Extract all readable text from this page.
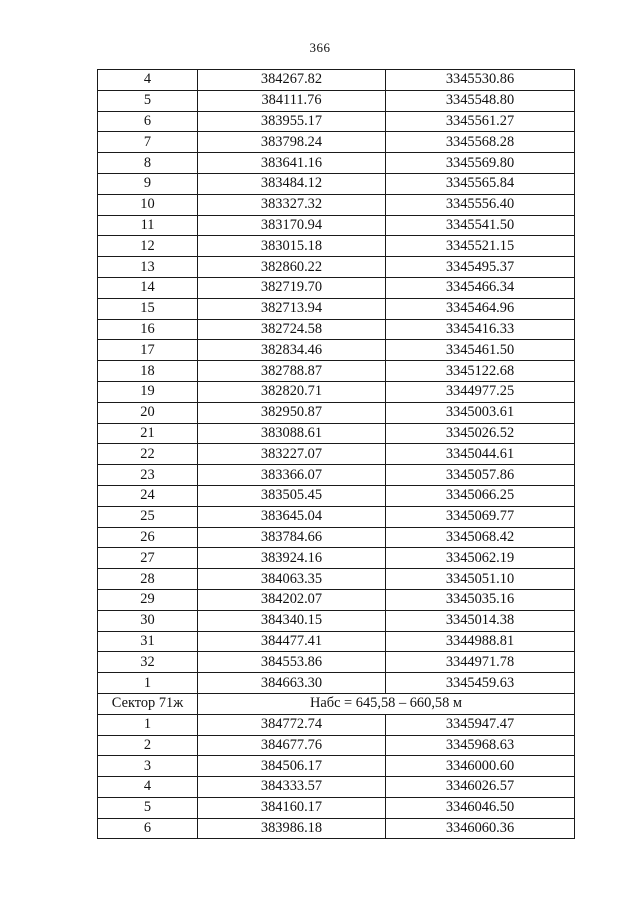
366
4	384267.82	3345530.86
5	384111.76	3345548.80
6	383955.17	3345561.27
7	383798.24	3345568.28
8	383641.16	3345569.80
9	383484.12	3345565.84
10	383327.32	3345556.40
11	383170.94	3345541.50
12	383015.18	3345521.15
13	382860.22	3345495.37
14	382719.70	3345466.34
15	382713.94	3345464.96
16	382724.58	3345416.33
17	382834.46	3345461.50
18	382788.87	3345122.68
19	382820.71	3344977.25
20	382950.87	3345003.61
21	383088.61	3345026.52
22	383227.07	3345044.61
23	383366.07	3345057.86
24	383505.45	3345066.25
25	383645.04	3345069.77
26	383784.66	3345068.42
27	383924.16	3345062.19
28	384063.35	3345051.10
29	384202.07	3345035.16
30	384340.15	3345014.38
31	384477.41	3344988.81
32	384553.86	3344971.78
1	384663.30	3345459.63
Сектор 71ж	Набс = 645,58 – 660,58 м	
1	384772.74	3345947.47
2	384677.76	3345968.63
3	384506.17	3346000.60
4	384333.57	3346026.57
5	384160.17	3346046.50
6	383986.18	3346060.36
